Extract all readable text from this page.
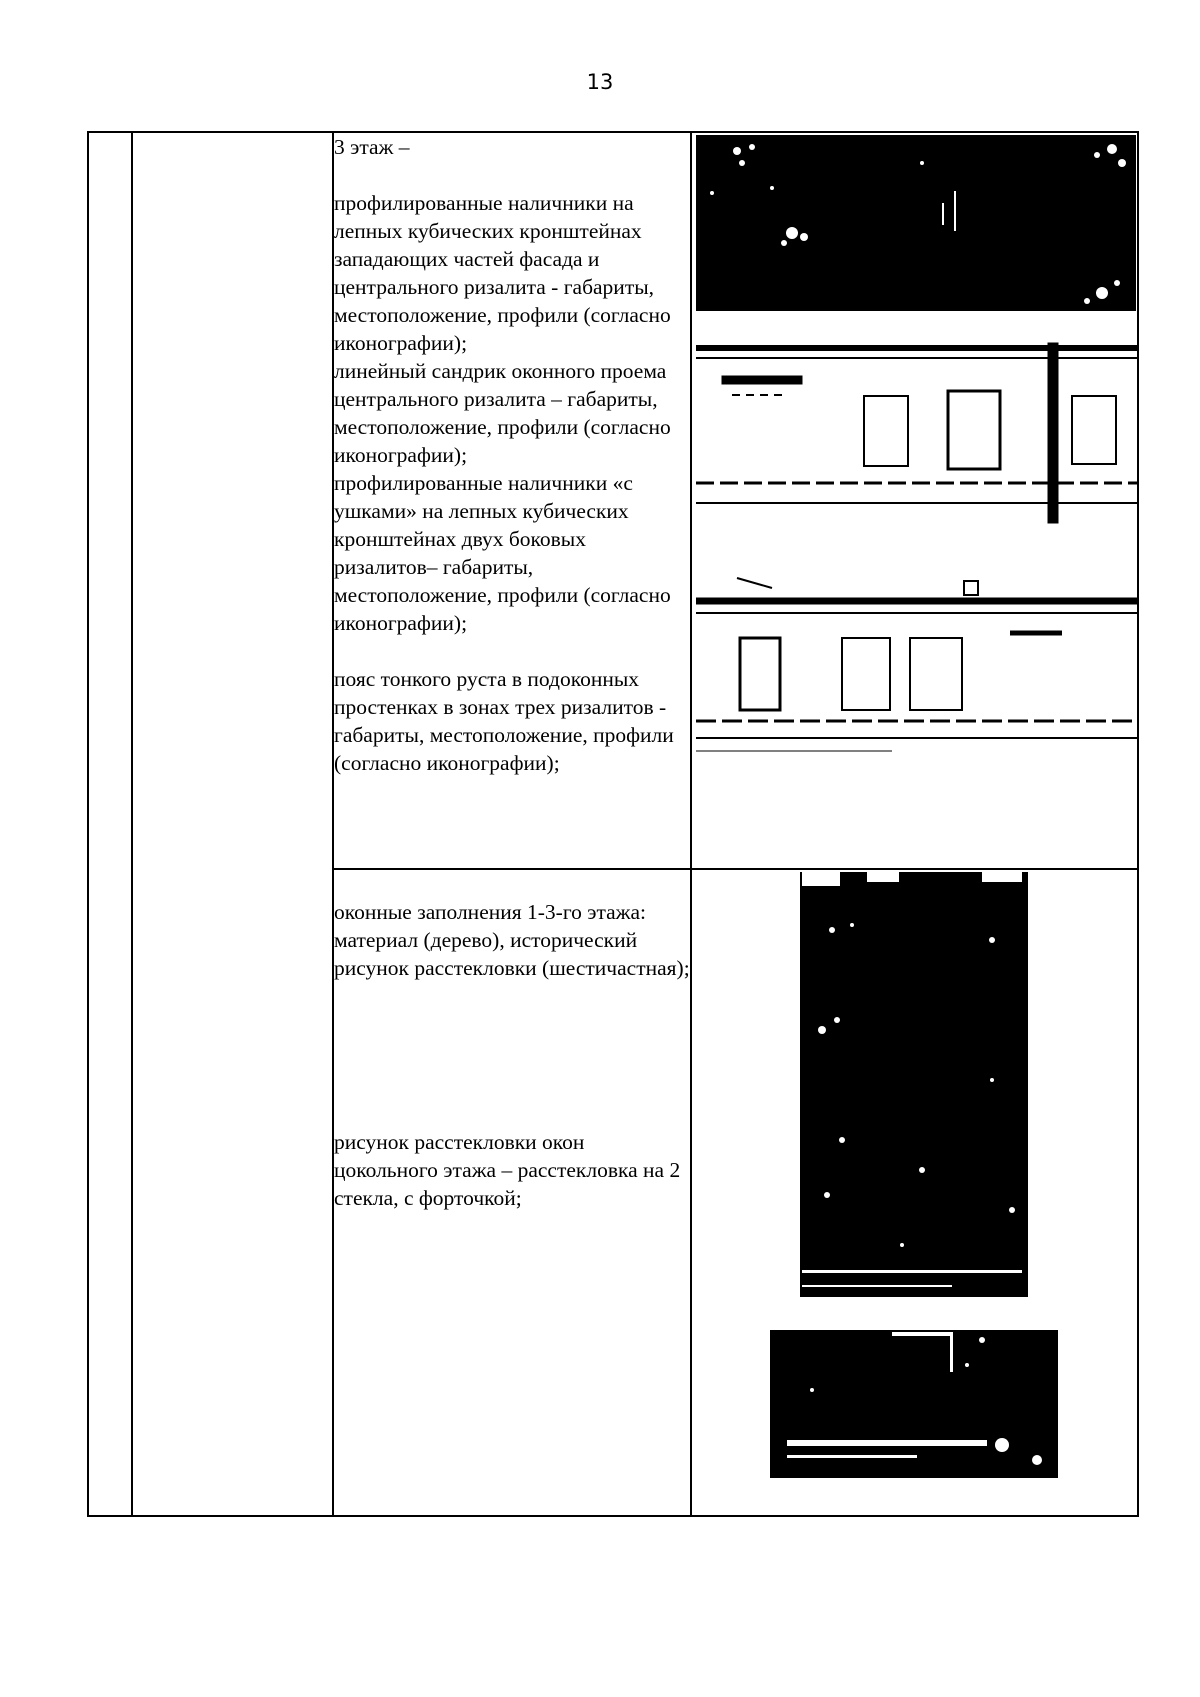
13

		3 этаж –

профилированные наличники на лепных кубических кронштейнах западающих частей фасада и центрального ризалита - габариты, местоположение, профили (согласно иконографии);

линейный сандрик оконного проема центрального ризалита – габариты, местоположение, профили (согласно иконографии);

профилированные наличники «с ушками» на лепных кубических кронштейнах двух боковых ризалитов– габариты, местоположение, профили (согласно иконографии);

пояс тонкого руста в подоконных простенках в зонах трех ризалитов - габариты, местоположение, профили (согласно иконографии);

		оконные заполнения 1-3-го этажа: материал (дерево), исторический рисунок расстекловки (шестичастная);

рисунок расстекловки окон цокольного этажа – расстекловка на 2 стекла, с форточкой;
